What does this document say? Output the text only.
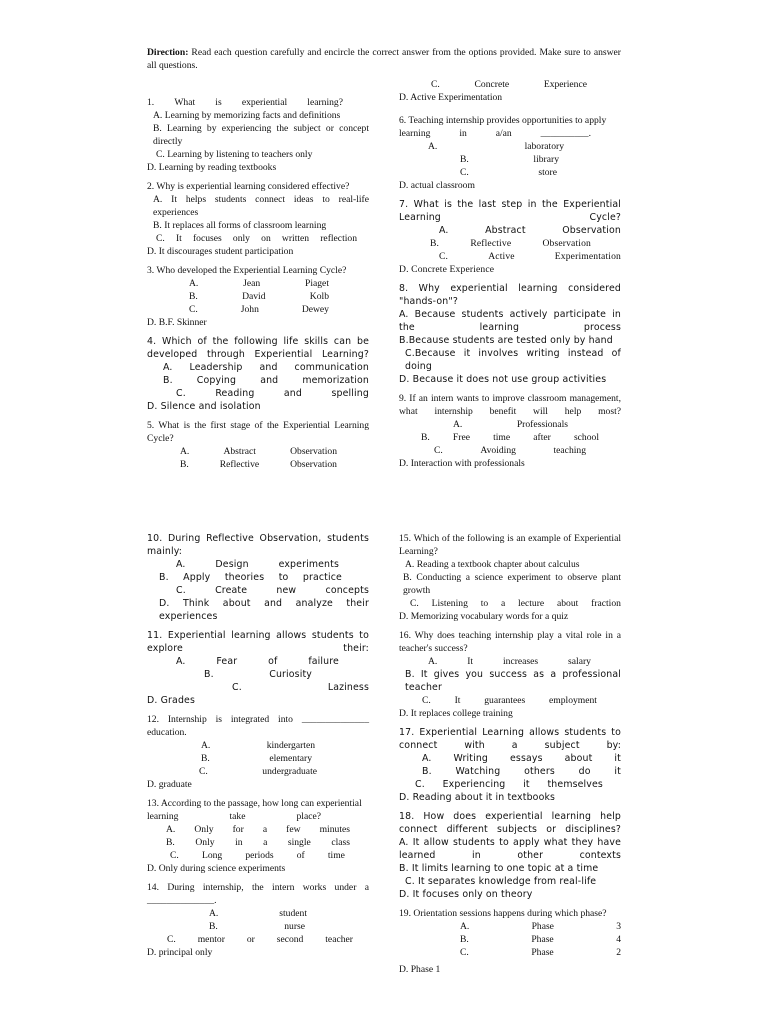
Direction: Read each question carefully and encircle the correct answer from the options provided. Make sure to answer all questions.
1. What is experiential learning?
A. Learning by memorizing facts and definitions
B. Learning by experiencing the subject or concept directly
C. Learning by listening to teachers only
D. Learning by reading textbooks
2. Why is experiential learning considered effective?
A. It helps students connect ideas to real-life experiences
B. It replaces all forms of classroom learning
C. It focuses only on written reflection
D. It discourages student participation
3. Who developed the Experiential Learning Cycle?
A.	Jean	Piaget
B.	David	Kolb
C.	John	Dewey
D. B.F. Skinner
4. Which of the following life skills can be developed through Experiential Learning?
A. Leadership and communication
B.	Copying	and	memorization
C.	Reading	and	spelling
D. Silence and isolation
5. What is the first stage of the Experiential Learning Cycle?
A.	Abstract	Observation
B.	Reflective	Observation
C.	Concrete	Experience
D. Active Experimentation
6. Teaching internship provides opportunities to apply
learning	in	a/an	__________.
A.	laboratory
B.	library
C.	store
D. actual classroom
7. What is the last step in the Experiential Learning Cycle?
A.	Abstract	Observation
B.	Reflective	Observation
C.	Active	Experimentation
D. Concrete Experience
8. Why experiential learning considered "hands-on"?
A. Because students actively participate in the learning process
B.Because students are tested only by hand
C.Because it involves writing instead of doing
D. Because it does not use group activities
9. If an intern wants to improve classroom management, what internship benefit will help most?
A.	Professionals
B. Free time after school
C.	Avoiding	teaching
D. Interaction with professionals
10. During Reflective Observation, students mainly:
A.	Design	experiments
B. Apply theories to practice
C.	Create	new	concepts
D. Think about and analyze their experiences
11. Experiential learning allows students to explore their:
A.	Fear	of	failure
B.	Curiosity
C.	Laziness
D. Grades
12. Internship is integrated into ______________ education.
A.	kindergarten
B.	elementary
C.	undergraduate
D. graduate
13. According to the passage, how long can experiential
learning	take	place?
A. Only for a few minutes
B. Only in a single class
C. Long periods of time
D. Only during science experiments
14. During internship, the intern works under a ______________.
A.	student
B.	nurse
C. mentor or second teacher
D. principal only
15. Which of the following is an example of Experiential Learning?
A. Reading a textbook chapter about calculus
B. Conducting a science experiment to observe plant growth
C. Listening to a lecture about fraction
D. Memorizing vocabulary words for a quiz
16. Why does teaching internship play a vital role in a teacher's success?
A.	It	increases	salary
B. It gives you success as a professional teacher
C. It guarantees employment
D. It replaces college training
17. Experiential Learning allows students to connect with a subject by:
A. Writing essays about it
B.	Watching	others	do	it
C. Experiencing it themselves
D. Reading about it in textbooks
18. How does experiential learning help connect different subjects or disciplines?
A. It allow students to apply what they have learned in other contexts
B. It limits learning to one topic at a time
C. It separates knowledge from real-life
D. It focuses only on theory
19. Orientation sessions happens during which phase?
A.	Phase	3
B.	Phase	4
C.	Phase	2
D. Phase 1
